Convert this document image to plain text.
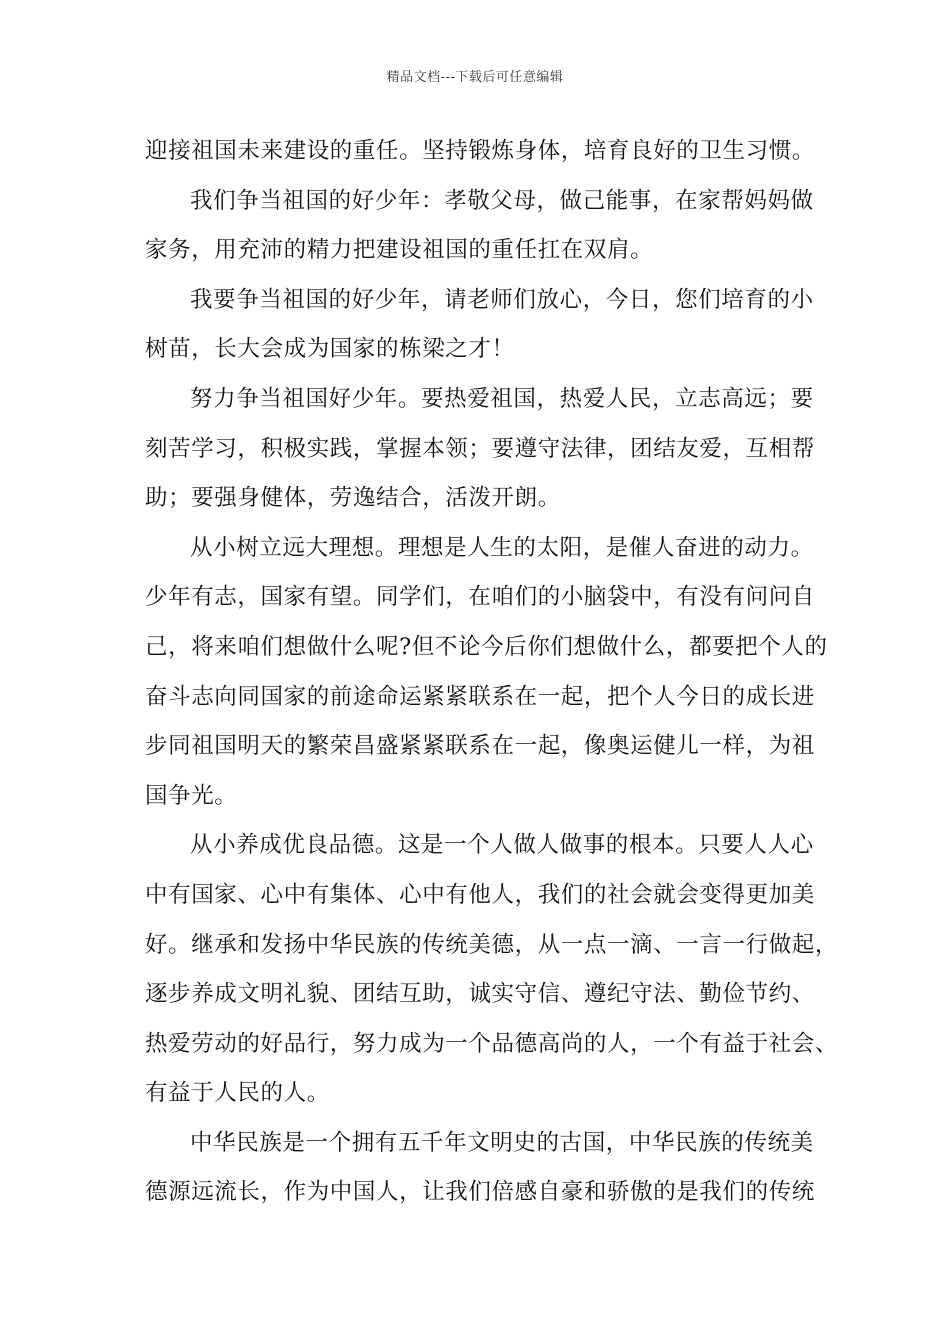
精品文档---下载后可任意编辑
迎接祖国未来建设的重任。坚持锻炼身体，培育良好的卫生习惯。
我们争当祖国的好少年：孝敬父母，做己能事，在家帮妈妈做
家务，用充沛的精力把建设祖国的重任扛在双肩。
我要争当祖国的好少年，请老师们放心，今日，您们培育的小
树苗，长大会成为国家的栋梁之才！
努力争当祖国好少年。要热爱祖国，热爱人民，立志高远；要
刻苦学习，积极实践，掌握本领；要遵守法律，团结友爱，互相帮
助；要强身健体，劳逸结合，活泼开朗。
从小树立远大理想。理想是人生的太阳，是催人奋进的动力。
少年有志，国家有望。同学们，在咱们的小脑袋中，有没有问问自
己，将来咱们想做什么呢?但不论今后你们想做什么，都要把个人的
奋斗志向同国家的前途命运紧紧联系在一起，把个人今日的成长进
步同祖国明天的繁荣昌盛紧紧联系在一起，像奥运健儿一样，为祖
国争光。
从小养成优良品德。这是一个人做人做事的根本。只要人人心
中有国家、心中有集体、心中有他人，我们的社会就会变得更加美
好。继承和发扬中华民族的传统美德，从一点一滴、一言一行做起，
逐步养成文明礼貌、团结互助，诚实守信、遵纪守法、勤俭节约、
热爱劳动的好品行，努力成为一个品德高尚的人，一个有益于社会、
有益于人民的人。
中华民族是一个拥有五千年文明史的古国，中华民族的传统美
德源远流长，作为中国人，让我们倍感自豪和骄傲的是我们的传统
